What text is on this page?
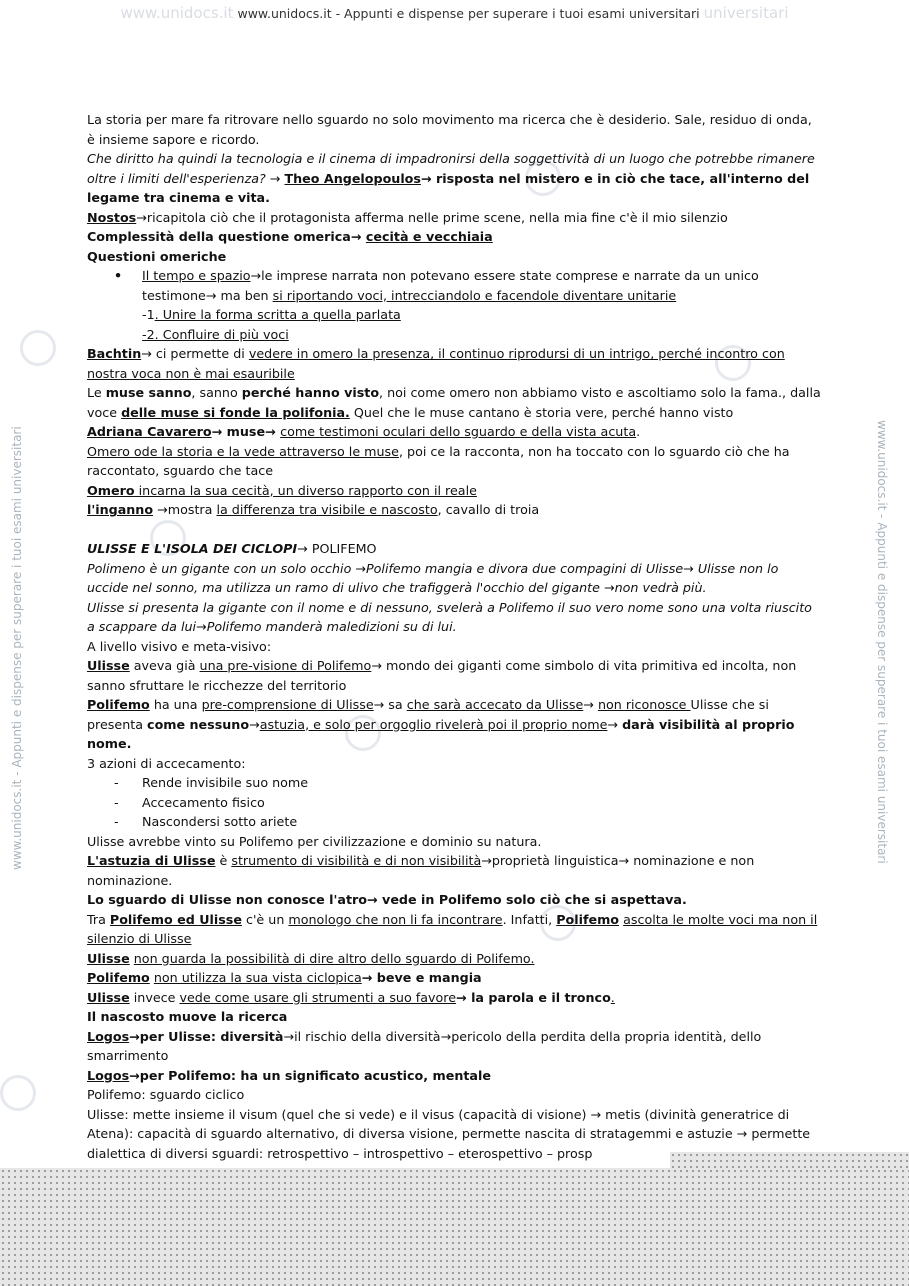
www.unidocs.it www.unidocs.it - Appunti e dispense per superare i tuoi esami universitari universitari
www.unidocs.it - Appunti e dispense per superare i tuoi esami universitari	www.unidocs.it - Appunti e dispense per superare i tuoi esami universitari

La storia per mare fa ritrovare nello sguardo no solo movimento ma ricerca che è desiderio. Sale, residuo di onda, è insieme sapore e ricordo.

Che diritto ha quindi la tecnologia e il cinema di impadronirsi della soggettività di un luogo che potrebbe rimanere oltre i limiti dell'esperienza? → Theo Angelopoulos→ risposta nel mistero e in ciò che tace, all'interno del legame tra cinema e vita.

Nostos→ricapitola ciò che il protagonista afferma nelle prime scene, nella mia fine c'è il mio silenzio

Complessità della questione omerica→ cecità e vecchiaia

Questioni omeriche

• Il tempo e spazio→le imprese narrata non potevano essere state comprese e narrate da un unico testimone→ ma ben si riportando voci, intrecciandolo e facendole diventare unitarie

-1. Unire la forma scritta a quella parlata

-2. Confluire di più voci

Bachtin→ ci permette di vedere in omero la presenza, il continuo riprodursi di un intrigo, perché incontro con nostra voca non è mai esauribile

Le muse sanno, sanno perché hanno visto, noi come omero non abbiamo visto e ascoltiamo solo la fama., dalla voce delle muse si fonde la polifonia. Quel che le muse cantano è storia vere, perché hanno visto

Adriana Cavarero→ muse→ come testimoni oculari dello sguardo e della vista acuta.

Omero ode la storia e la vede attraverso le muse, poi ce la racconta, non ha toccato con lo sguardo ciò che ha raccontato, sguardo che tace

Omero incarna la sua cecità, un diverso rapporto con il reale

l'inganno →mostra la differenza tra visibile e nascosto, cavallo di troia

ULISSE E L'ISOLA DEI CICLOPI→ POLIFEMO

Polimeno è un gigante con un solo occhio →Polifemo mangia e divora due compagini di Ulisse→ Ulisse non lo uccide nel sonno, ma utilizza un ramo di ulivo che trafiggerà l'occhio del gigante →non vedrà più.

Ulisse si presenta la gigante con il nome e di nessuno, svelerà a Polifemo il suo vero nome sono una volta riuscito a scappare da lui→Polifemo manderà maledizioni su di lui.

A livello visivo e meta-visivo:

Ulisse aveva già una pre-visione di Polifemo→ mondo dei giganti come simbolo di vita primitiva ed incolta, non sanno sfruttare le ricchezze del territorio

Polifemo ha una pre-comprensione di Ulisse→ sa che sarà accecato da Ulisse→ non riconosce Ulisse che si presenta come nessuno→astuzia, e solo per orgoglio rivelerà poi il proprio nome→ darà visibilità al proprio nome.

3 azioni di accecamento:

- Rende invisibile suo nome
- Accecamento fisico
- Nascondersi sotto ariete

Ulisse avrebbe vinto su Polifemo per civilizzazione e dominio su natura.

L'astuzia di Ulisse è strumento di visibilità e di non visibilità→proprietà linguistica→ nominazione e non nominazione.

Lo sguardo di Ulisse non conosce l'atro→ vede in Polifemo solo ciò che si aspettava.

Tra Polifemo ed Ulisse c'è un monologo che non li fa incontrare. Infatti, Polifemo ascolta le molte voci ma non il silenzio di Ulisse

Ulisse non guarda la possibilità di dire altro dello sguardo di Polifemo.

Polifemo non utilizza la sua vista ciclopica→ beve e mangia

Ulisse invece vede come usare gli strumenti a suo favore→ la parola e il tronco.

Il nascosto muove la ricerca

Logos→per Ulisse: diversità→il rischio della diversità→pericolo della perdita della propria identità, dello smarrimento

Logos→per Polifemo: ha un significato acustico, mentale

Polifemo: sguardo ciclico

Ulisse: mette insieme il visum (quel che si vede) e il visus (capacità di visione) → metis (divinità generatrice di Atena): capacità di sguardo alternativo, di diversa visione, permette nascita di stratagemmi e astuzie → permette dialettica di diversi sguardi: retrospettivo – introspettivo – eterospettivo – prosp
